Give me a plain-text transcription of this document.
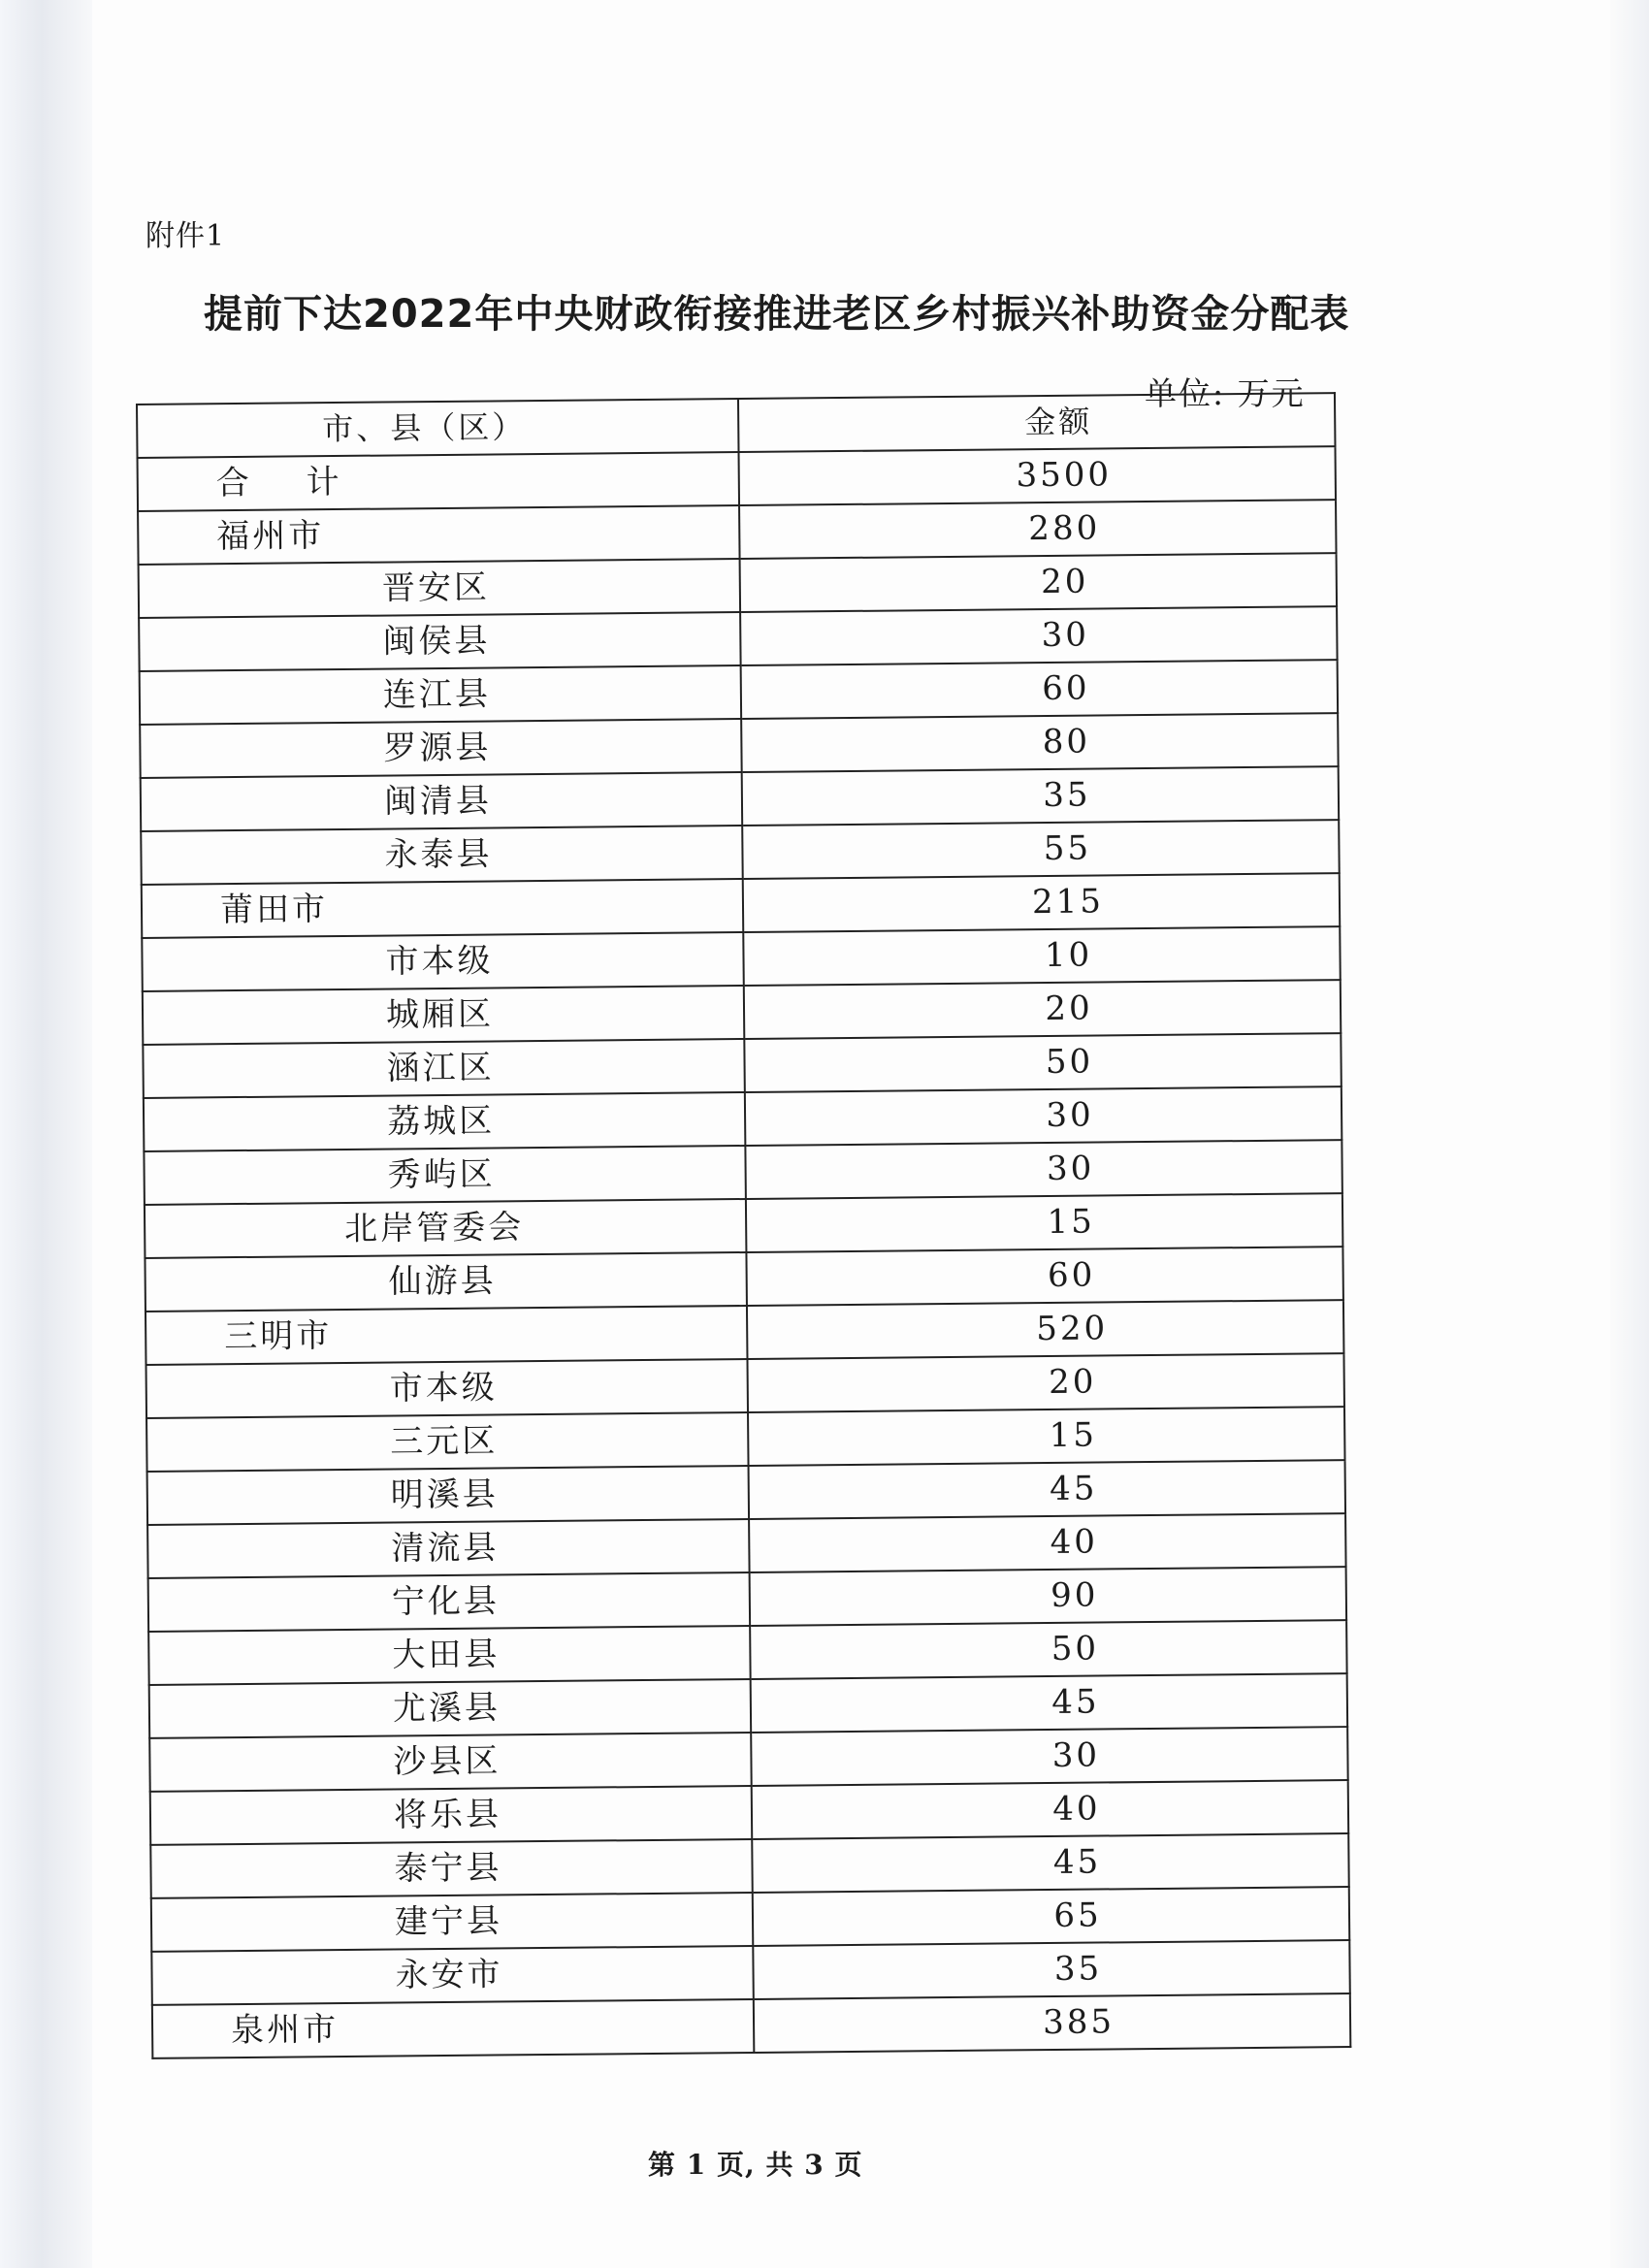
附件1
提前下达2022年中央财政衔接推进老区乡村振兴补助资金分配表
单位: 万元
市、县（区）	金额
合 计	3500
福州市	280
晋安区	20
闽侯县	30
连江县	60
罗源县	80
闽清县	35
永泰县	55
莆田市	215
市本级	10
城厢区	20
涵江区	50
荔城区	30
秀屿区	30
北岸管委会	15
仙游县	60
三明市	520
市本级	20
三元区	15
明溪县	45
清流县	40
宁化县	90
大田县	50
尤溪县	45
沙县区	30
将乐县	40
泰宁县	45
建宁县	65
永安市	35
泉州市	385
第 1 页, 共 3 页
